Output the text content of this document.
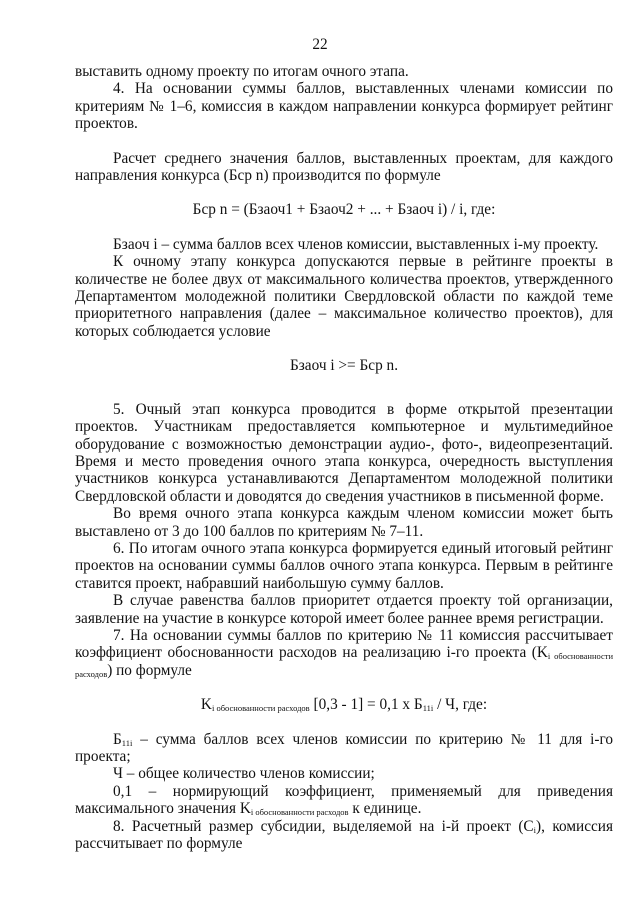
22

выставить одному проекту по итогам очного этапа.

4. На основании суммы баллов, выставленных членами комиссии по критериям № 1–6, комиссия в каждом направлении конкурса формирует рейтинг проектов.

Расчет среднего значения баллов, выставленных проектам, для каждого направления конкурса (Бср n) производится по формуле

Бср n = (Бзаоч1 + Бзаоч2 + ... + Бзаоч i) / i, где:

Бзаоч i – сумма баллов всех членов комиссии, выставленных i-му проекту.

К очному этапу конкурса допускаются первые в рейтинге проекты в количестве не более двух от максимального количества проектов, утвержденного Департаментом молодежной политики Свердловской области по каждой теме приоритетного направления (далее – максимальное количество проектов), для которых соблюдается условие

Бзаоч i >= Бср n.

5. Очный этап конкурса проводится в форме открытой презентации проектов. Участникам предоставляется компьютерное и мультимедийное оборудование с возможностью демонстрации аудио-, фото-, видеопрезентаций. Время и место проведения очного этапа конкурса, очередность выступления участников конкурса устанавливаются Департаментом молодежной политики Свердловской области и доводятся до сведения участников в письменной форме.

Во время очного этапа конкурса каждым членом комиссии может быть выставлено от 3 до 100 баллов по критериям № 7–11.

6. По итогам очного этапа конкурса формируется единый итоговый рейтинг проектов на основании суммы баллов очного этапа конкурса. Первым в рейтинге ставится проект, набравший наибольшую сумму баллов.

В случае равенства баллов приоритет отдается проекту той организации, заявление на участие в конкурсе которой имеет более раннее время регистрации.

7. На основании суммы баллов по критерию № 11 комиссия рассчитывает коэффициент обоснованности расходов на реализацию i-го проекта $(K_{i обоснованности расходов})$ по формуле

$K_{i обоснованности расходов}$ [0,3 - 1] = 0,1 x $Б_{11i}$ / Ч, где:

$Б_{11i}$ – сумма баллов всех членов комиссии по критерию № 11 для i-го проекта;

Ч – общее количество членов комиссии;

0,1 – нормирующий коэффициент, применяемый для приведения максимального значения $K_{i обоснованности расходов}$ к единице.

8. Расчетный размер субсидии, выделяемой на i-й проект $(C_i)$, комиссия рассчитывает по формуле
